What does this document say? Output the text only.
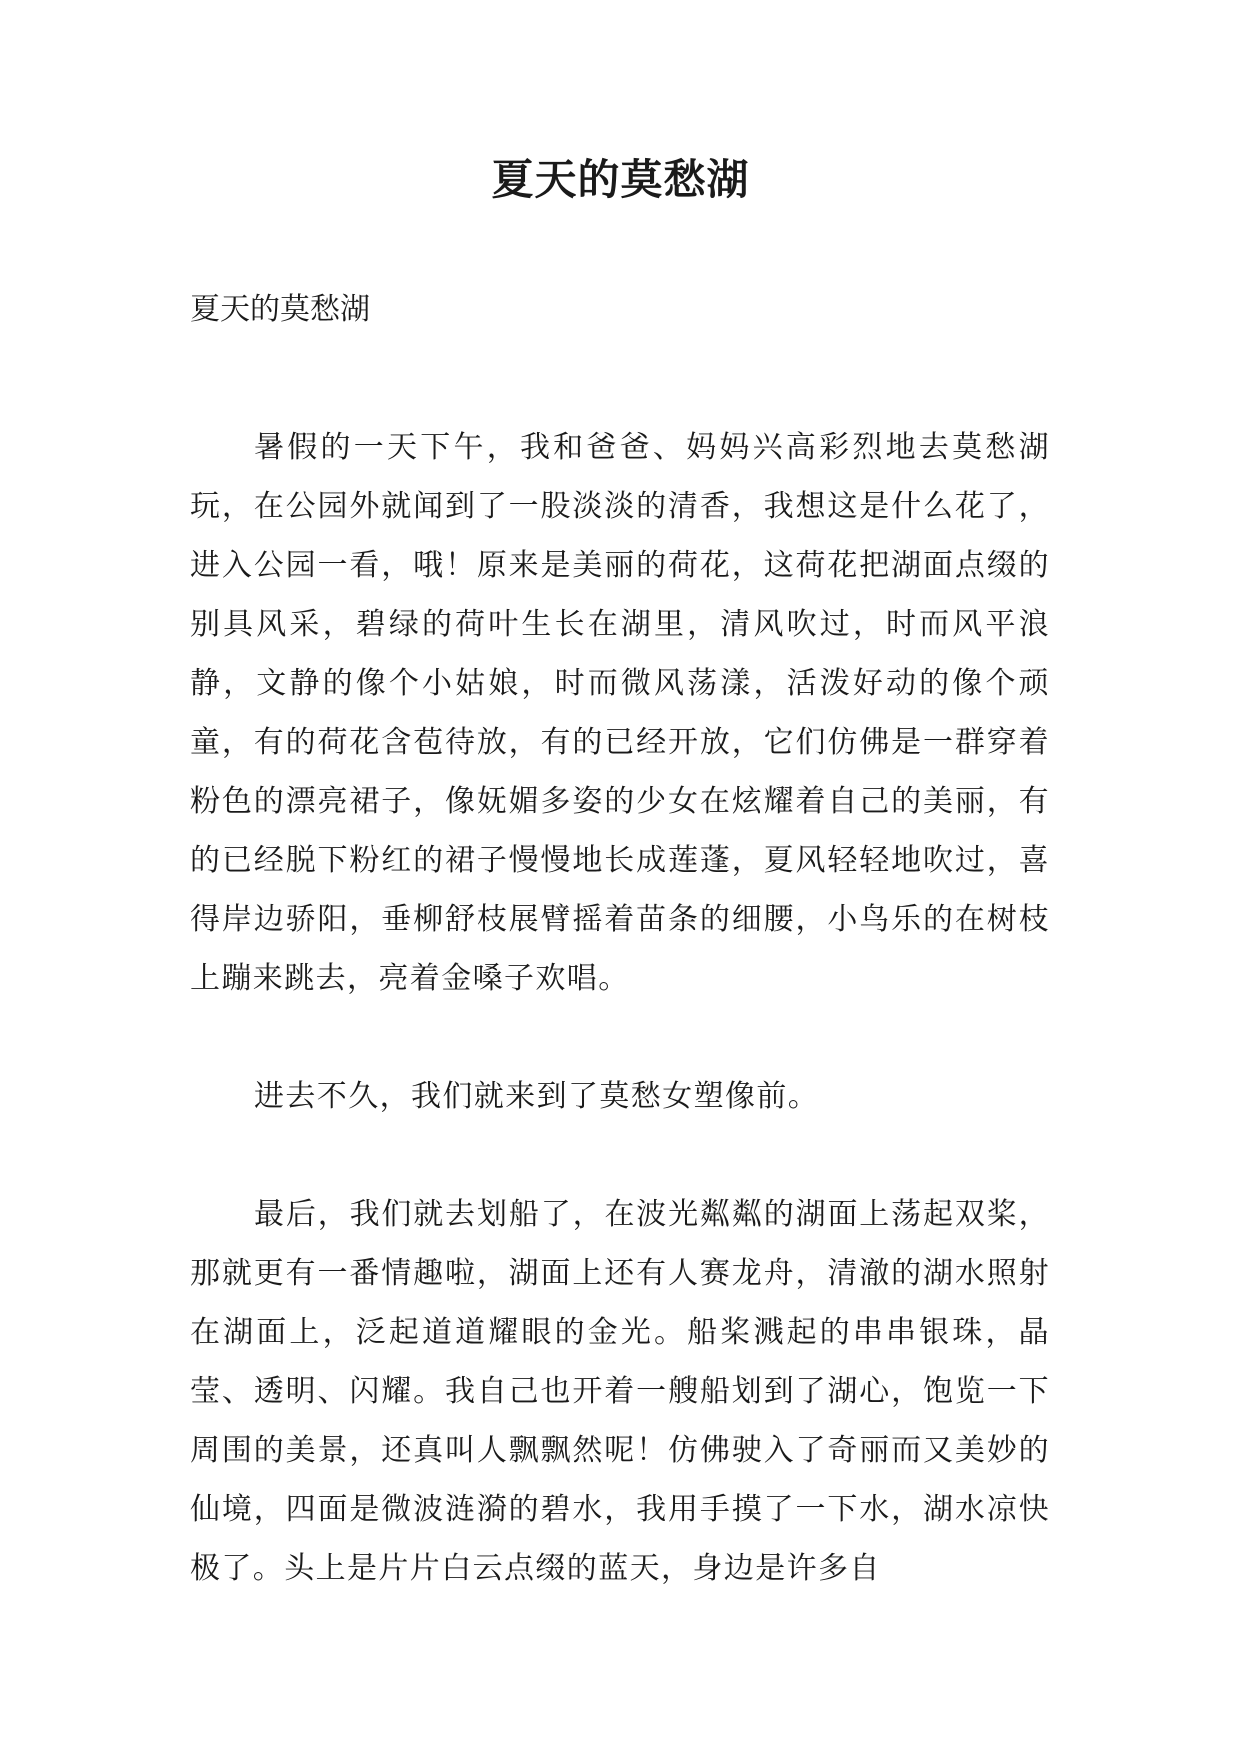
夏天的莫愁湖

夏天的莫愁湖

暑假的一天下午，我和爸爸、妈妈兴高彩烈地去莫愁湖玩，在公园外就闻到了一股淡淡的清香，我想这是什么花了，进入公园一看，哦！原来是美丽的荷花，这荷花把湖面点缀的别具风采，碧绿的荷叶生长在湖里，清风吹过，时而风平浪静，文静的像个小姑娘，时而微风荡漾，活泼好动的像个顽童，有的荷花含苞待放，有的已经开放，它们仿佛是一群穿着粉色的漂亮裙子，像妩媚多姿的少女在炫耀着自己的美丽，有的已经脱下粉红的裙子慢慢地长成莲蓬，夏风轻轻地吹过，喜得岸边骄阳，垂柳舒枝展臂摇着苗条的细腰，小鸟乐的在树枝上蹦来跳去，亮着金嗓子欢唱。

进去不久，我们就来到了莫愁女塑像前。

最后，我们就去划船了，在波光粼粼的湖面上荡起双桨，那就更有一番情趣啦，湖面上还有人赛龙舟，清澈的湖水照射在湖面上，泛起道道耀眼的金光。船桨溅起的串串银珠，晶莹、透明、闪耀。我自己也开着一艘船划到了湖心，饱览一下周围的美景，还真叫人飘飘然呢！仿佛驶入了奇丽而又美妙的仙境，四面是微波涟漪的碧水，我用手摸了一下水，湖水凉快极了。头上是片片白云点缀的蓝天，身边是许多自
